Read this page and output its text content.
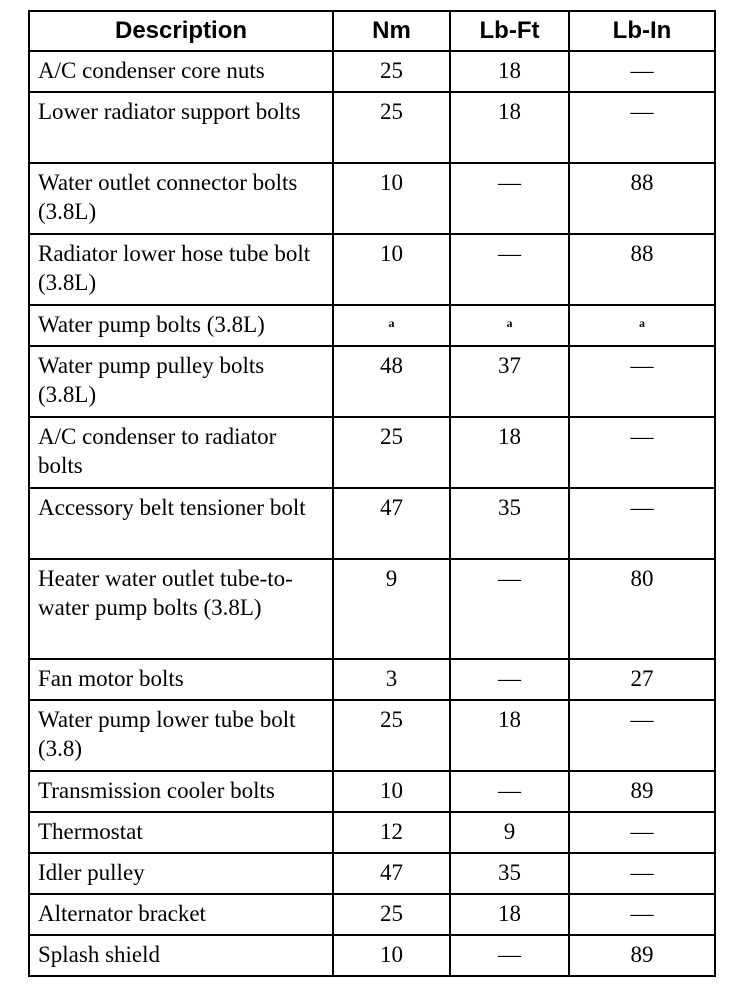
Description	Nm	Lb-Ft	Lb-In
A/C condenser core nuts	25	18	—
Lower radiator support bolts	25	18	—
Water outlet connector bolts (3.8L)	10	—	88
Radiator lower hose tube bolt (3.8L)	10	—	88
Water pump bolts (3.8L)	a	a	a
Water pump pulley bolts (3.8L)	48	37	—
A/C condenser to radiator bolts	25	18	—
Accessory belt tensioner bolt	47	35	—
Heater water outlet tube-to-water pump bolts (3.8L)	9	—	80
Fan motor bolts	3	—	27
Water pump lower tube bolt (3.8)	25	18	—
Transmission cooler bolts	10	—	89
Thermostat	12	9	—
Idler pulley	47	35	—
Alternator bracket	25	18	—
Splash shield	10	—	89
